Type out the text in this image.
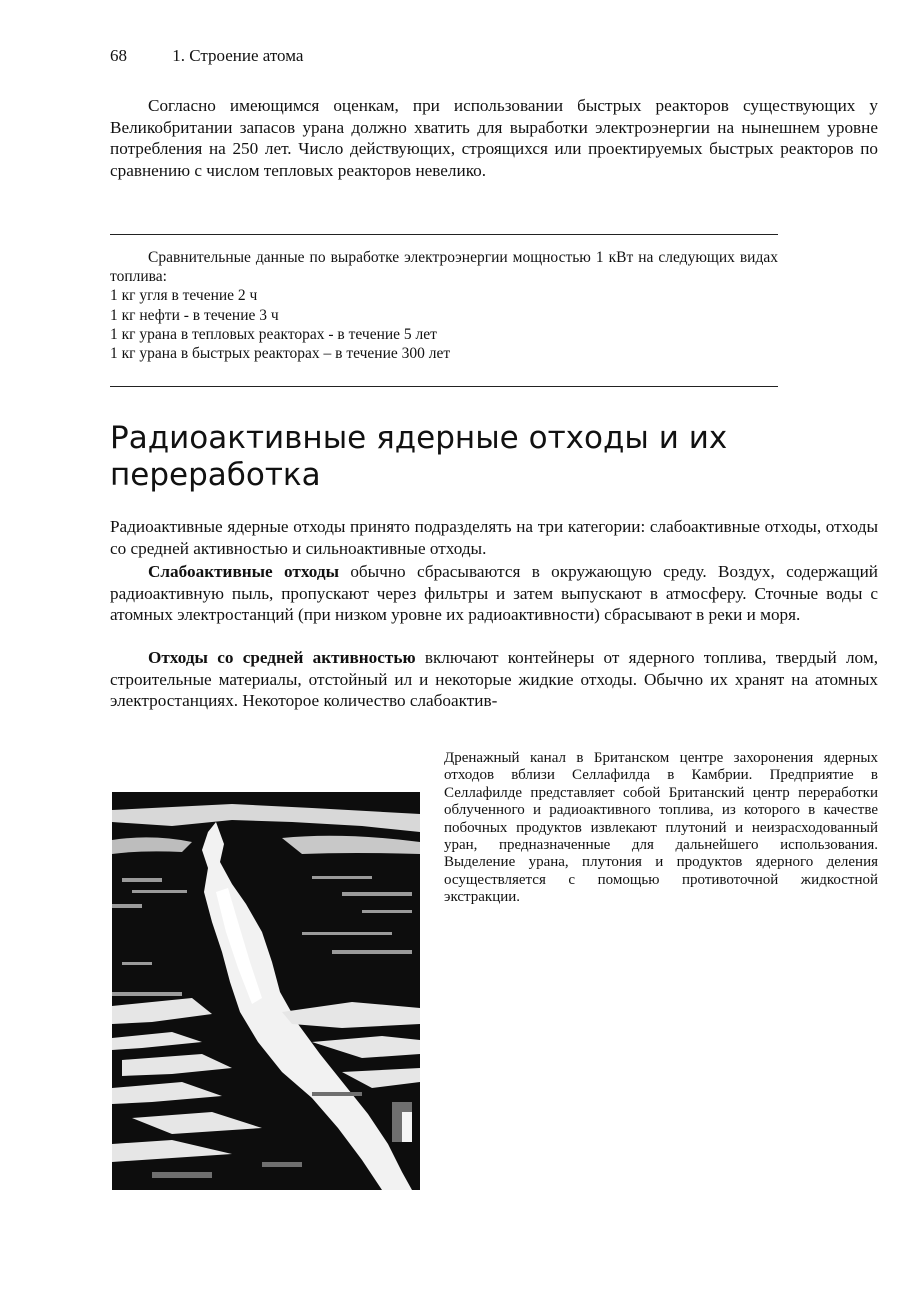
68	1. Строение атома

Согласно имеющимся оценкам, при использовании быстрых реакторов существующих у Великобритании запасов урана должно хватить для выработки электроэнергии на нынешнем уровне потребления на 250 лет. Число действующих, строящихся или проектируемых быстрых реакторов по сравнению с числом тепловых реакторов невелико.

Сравнительные данные по выработке электроэнергии мощностью 1 кВт на следующих видах топлива:

1 кг угля в течение 2 ч

1 кг нефти - в течение 3 ч

1 кг урана в тепловых реакторах - в течение 5 лет

1 кг урана в быстрых реакторах – в течение 300 лет

Радиоактивные ядерные отходы и их переработка

Радиоактивные ядерные отходы принято подразделять на три категории: слабоактивные отходы, отходы со средней активностью и сильноактивные отходы.

Слабоактивные отходы обычно сбрасываются в окружающую среду. Воздух, содержащий радиоактивную пыль, пропускают через фильтры и затем выпускают в атмосферу. Сточные воды с атомных электростанций (при низком уровне их радиоактивности) сбрасывают в реки и моря.

Отходы со средней активностью включают контейнеры от ядерного топлива, твердый лом, строительные материалы, отстойный ил и некоторые жидкие отходы. Обычно их хранят на атомных электростанциях. Некоторое количество слабоактив-

Дренажный канал в Британском центре захоронения ядерных отходов вблизи Селлафилда в Камбрии. Предприятие в Селлафилде представляет собой Британский центр переработки облученного и радиоактивного топлива, из которого в качестве побочных продуктов извлекают плутоний и неизрасходованный уран, предназначенные для дальнейшего использования. Выделение урана, плутония и продуктов ядерного деления осуществляется с помощью противоточной жидкостной экстракции.
